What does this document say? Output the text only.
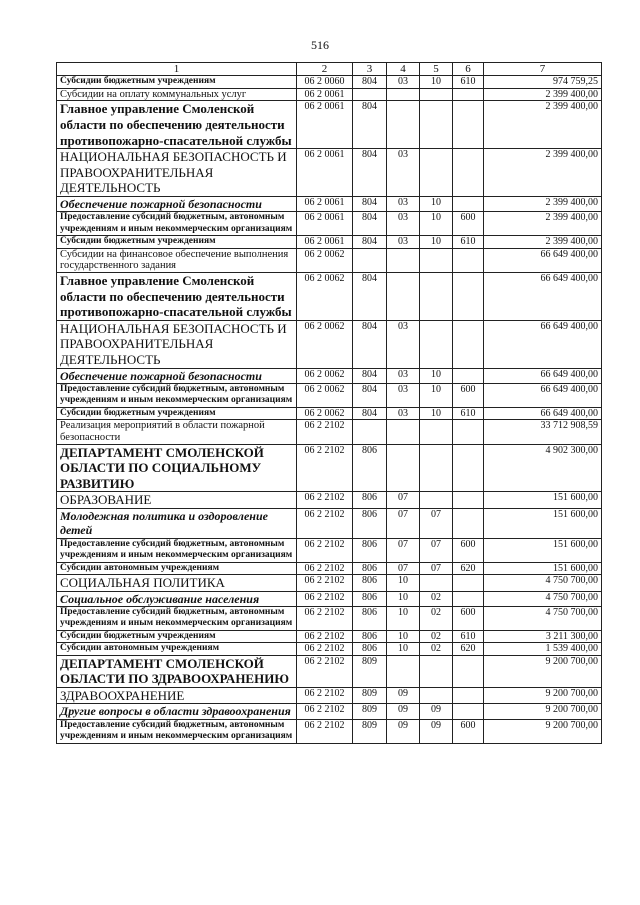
516
1	2	3	4	5	6	7
Субсидии бюджетным учреждениям	06 2 0060	804	03	10	610	974 759,25
Субсидии на оплату коммунальных услуг	06 2 0061					2 399 400,00
Главное управление Смоленской области по обеспечению деятельности противопожарно-спасательной службы	06 2 0061	804				2 399 400,00
НАЦИОНАЛЬНАЯ БЕЗОПАСНОСТЬ И ПРАВООХРАНИТЕЛЬНАЯ ДЕЯТЕЛЬНОСТЬ	06 2 0061	804	03			2 399 400,00
Обеспечение пожарной безопасности	06 2 0061	804	03	10		2 399 400,00
Предоставление субсидий бюджетным, автономным учреждениям и иным некоммерческим организациям	06 2 0061	804	03	10	600	2 399 400,00
Субсидии бюджетным учреждениям	06 2 0061	804	03	10	610	2 399 400,00
Субсидии на финансовое обеспечение выполнения государственного задания	06 2 0062					66 649 400,00
Главное управление Смоленской области по обеспечению деятельности противопожарно-спасательной службы	06 2 0062	804				66 649 400,00
НАЦИОНАЛЬНАЯ БЕЗОПАСНОСТЬ И ПРАВООХРАНИТЕЛЬНАЯ ДЕЯТЕЛЬНОСТЬ	06 2 0062	804	03			66 649 400,00
Обеспечение пожарной безопасности	06 2 0062	804	03	10		66 649 400,00
Предоставление субсидий бюджетным, автономным учреждениям и иным некоммерческим организациям	06 2 0062	804	03	10	600	66 649 400,00
Субсидии бюджетным учреждениям	06 2 0062	804	03	10	610	66 649 400,00
Реализация мероприятий в области пожарной безопасности	06 2 2102					33 712 908,59
ДЕПАРТАМЕНТ СМОЛЕНСКОЙ ОБЛАСТИ ПО СОЦИАЛЬНОМУ РАЗВИТИЮ	06 2 2102	806				4 902 300,00
ОБРАЗОВАНИЕ	06 2 2102	806	07			151 600,00
Молодежная политика и оздоровление детей	06 2 2102	806	07	07		151 600,00
Предоставление субсидий бюджетным, автономным учреждениям и иным некоммерческим организациям	06 2 2102	806	07	07	600	151 600,00
Субсидии автономным учреждениям	06 2 2102	806	07	07	620	151 600,00
СОЦИАЛЬНАЯ ПОЛИТИКА	06 2 2102	806	10			4 750 700,00
Социальное обслуживание населения	06 2 2102	806	10	02		4 750 700,00
Предоставление субсидий бюджетным, автономным учреждениям и иным некоммерческим организациям	06 2 2102	806	10	02	600	4 750 700,00
Субсидии бюджетным учреждениям	06 2 2102	806	10	02	610	3 211 300,00
Субсидии автономным учреждениям	06 2 2102	806	10	02	620	1 539 400,00
ДЕПАРТАМЕНТ СМОЛЕНСКОЙ ОБЛАСТИ ПО ЗДРАВООХРАНЕНИЮ	06 2 2102	809				9 200 700,00
ЗДРАВООХРАНЕНИЕ	06 2 2102	809	09			9 200 700,00
Другие вопросы в области здравоохранения	06 2 2102	809	09	09		9 200 700,00
Предоставление субсидий бюджетным, автономным учреждениям и иным некоммерческим организациям	06 2 2102	809	09	09	600	9 200 700,00
